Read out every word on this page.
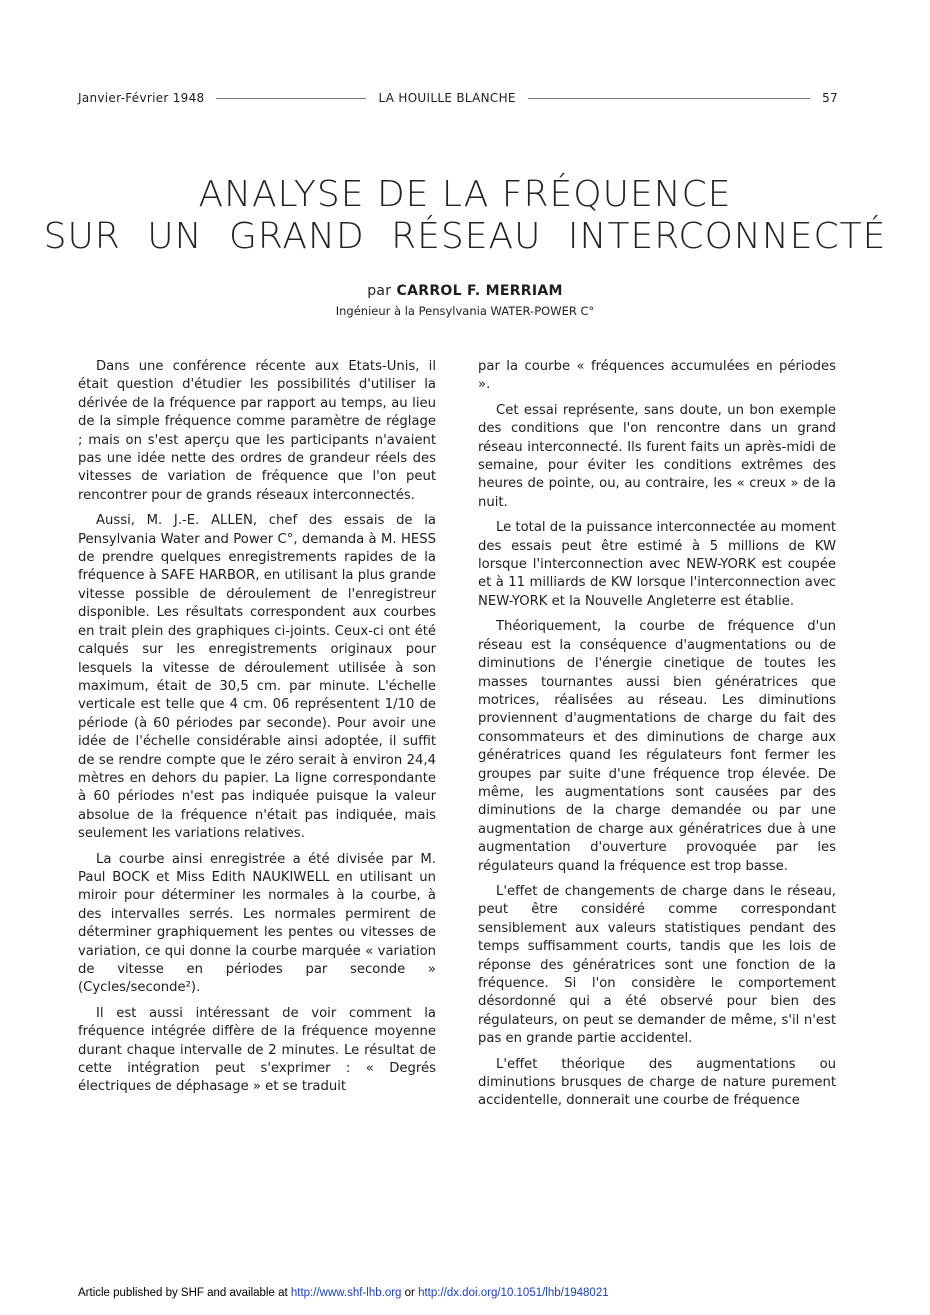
Janvier-Février 1948	LA HOUILLE BLANCHE	57
ANALYSE DE LA FRÉQUENCE
SUR UN GRAND RÉSEAU INTERCONNECTÉ
par CARROL F. MERRIAM
Ingénieur à la Pensylvania WATER-POWER C°

Dans une conférence récente aux Etats-Unis, il était question d'étudier les possibilités d'utiliser la dérivée de la fréquence par rapport au temps, au lieu de la simple fréquence comme paramètre de réglage ; mais on s'est aperçu que les participants n'avaient pas une idée nette des ordres de grandeur réels des vitesses de variation de fréquence que l'on peut rencontrer pour de grands réseaux interconnectés.

Aussi, M. J.-E. ALLEN, chef des essais de la Pensylvania Water and Power C°, demanda à M. HESS de prendre quelques enregistrements rapides de la fréquence à SAFE HARBOR, en utilisant la plus grande vitesse possible de déroulement de l'enregistreur disponible. Les résultats correspondent aux courbes en trait plein des graphiques ci-joints. Ceux-ci ont été calqués sur les enregistrements originaux pour lesquels la vitesse de déroulement utilisée à son maximum, était de 30,5 cm. par minute. L'échelle verticale est telle que 4 cm. 06 représentent 1/10 de période (à 60 périodes par seconde). Pour avoir une idée de l'échelle considérable ainsi adoptée, il suffit de se rendre compte que le zéro serait à environ 24,4 mètres en dehors du papier. La ligne correspondante à 60 périodes n'est pas indiquée puisque la valeur absolue de la fréquence n'était pas indiquée, mais seulement les variations relatives.

La courbe ainsi enregistrée a été divisée par M. Paul BOCK et Miss Edith NAUKIWELL en utilisant un miroir pour déterminer les normales à la courbe, à des intervalles serrés. Les normales permirent de déterminer graphiquement les pentes ou vitesses de variation, ce qui donne la courbe marquée « variation de vitesse en périodes par seconde » (Cycles/seconde²).

Il est aussi intéressant de voir comment la fréquence intégrée diffère de la fréquence moyenne durant chaque intervalle de 2 minutes. Le résultat de cette intégration peut s'exprimer : « Degrés électriques de déphasage » et se traduit

par la courbe « fréquences accumulées en périodes ».

Cet essai représente, sans doute, un bon exemple des conditions que l'on rencontre dans un grand réseau interconnecté. Ils furent faits un après-midi de semaine, pour éviter les conditions extrêmes des heures de pointe, ou, au contraire, les « creux » de la nuit.

Le total de la puissance interconnectée au moment des essais peut être estimé à 5 millions de KW lorsque l'interconnection avec NEW-YORK est coupée et à 11 milliards de KW lorsque l'interconnection avec NEW-YORK et la Nouvelle Angleterre est établie.

Théoriquement, la courbe de fréquence d'un réseau est la conséquence d'augmentations ou de diminutions de l'énergie cinetique de toutes les masses tournantes aussi bien génératrices que motrices, réalisées au réseau. Les diminutions proviennent d'augmentations de charge du fait des consommateurs et des diminutions de charge aux génératrices quand les régulateurs font fermer les groupes par suite d'une fréquence trop élevée. De même, les augmentations sont causées par des diminutions de la charge demandée ou par une augmentation de charge aux génératrices due à une augmentation d'ouverture provoquée par les régulateurs quand la fréquence est trop basse.

L'effet de changements de charge dans le réseau, peut être considéré comme correspondant sensiblement aux valeurs statistiques pendant des temps suffisamment courts, tandis que les lois de réponse des génératrices sont une fonction de la fréquence. Si l'on considère le comportement désordonné qui a été observé pour bien des régulateurs, on peut se demander de même, s'il n'est pas en grande partie accidentel.

L'effet théorique des augmentations ou diminutions brusques de charge de nature purement accidentelle, donnerait une courbe de fréquence

Article published by SHF and available at http://www.shf-lhb.org or http://dx.doi.org/10.1051/lhb/1948021
